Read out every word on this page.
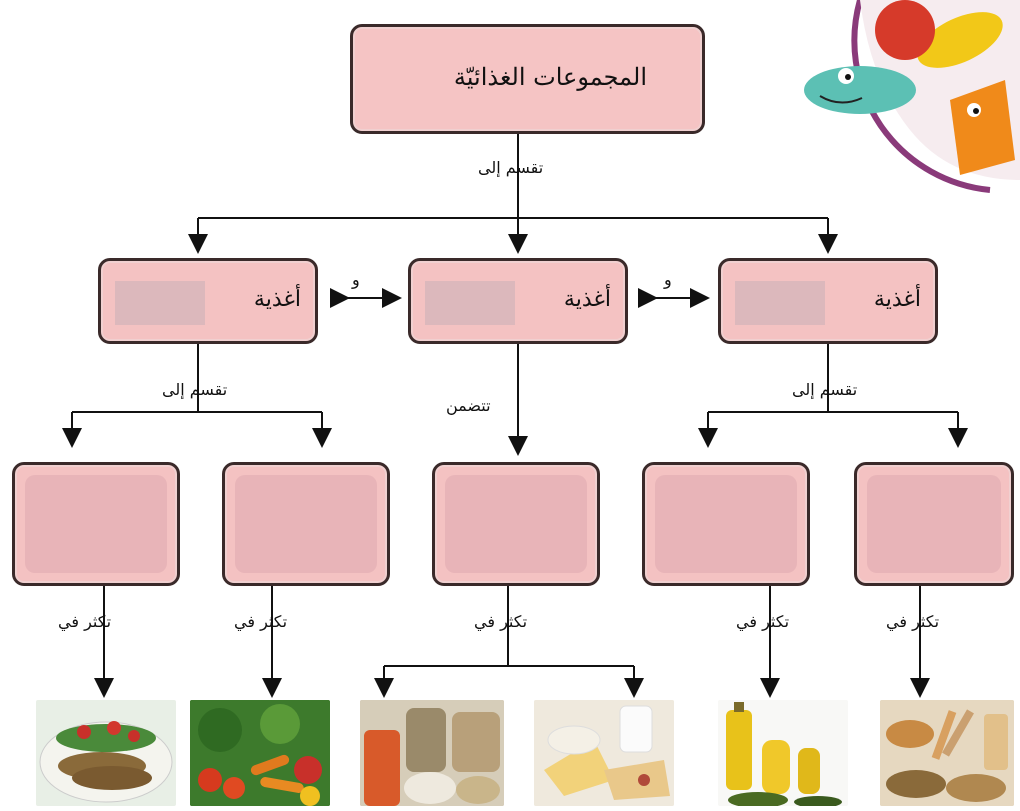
المجموعات الغذائيّة
تقسم إلى
أغذية	أغذية	أغذية
و	و
تقسم إلى
تتضمن
تقسم إلى
تكثر في	تكثر في	تكثر في	تكثر في	تكثر في
